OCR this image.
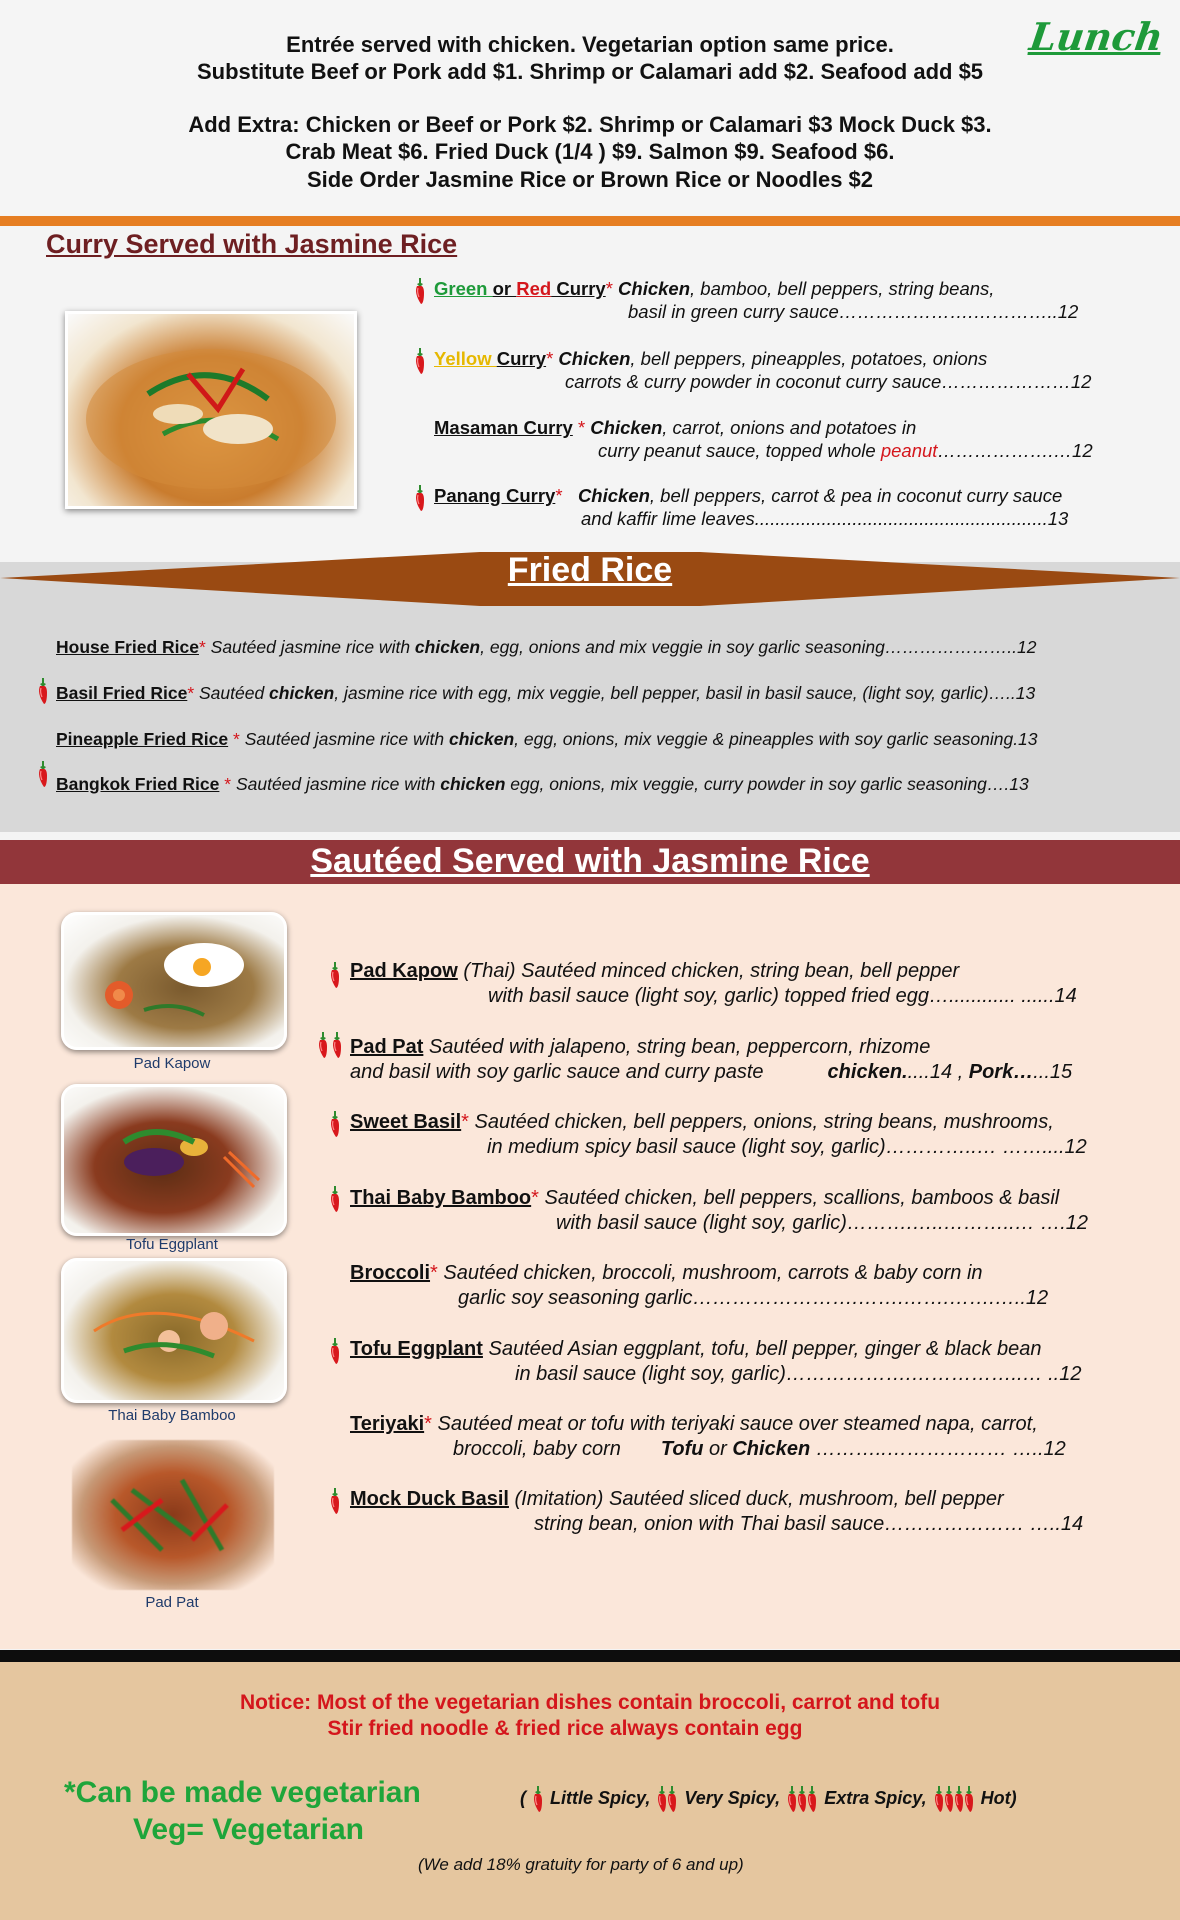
Entrée served with chicken. Vegetarian option same price.
Substitute Beef or Pork add $1. Shrimp or Calamari add $2. Seafood add $5
Add Extra: Chicken or Beef or Pork $2. Shrimp or Calamari $3 Mock Duck $3.
Crab Meat $6. Fried Duck (1/4 ) $9. Salmon $9. Seafood $6.
Side Order Jasmine Rice or Brown Rice or Noodles $2
Lunch
Curry Served with Jasmine Rice
Green or Red Curry* Chicken, bamboo, bell peppers, string beans,
basil in green curry sauce………………….…………..12
Yellow Curry* Chicken, bell peppers, pineapples, potatoes, onions
carrots & curry powder in coconut curry sauce…………………12
Masaman Curry * Chicken, carrot, onions and potatoes in
curry peanut sauce, topped whole peanut……………….…12
Panang Curry* Chicken, bell peppers, carrot & pea in coconut curry sauce
and kaffir lime leaves.........................................................13
Fried Rice
House Fried Rice* Sautéed jasmine rice with chicken, egg, onions and mix veggie in soy garlic seasoning…………………..12
Basil Fried Rice* Sautéed chicken, jasmine rice with egg, mix veggie, bell pepper, basil in basil sauce, (light soy, garlic)…..13
Pineapple Fried Rice * Sautéed jasmine rice with chicken, egg, onions, mix veggie & pineapples with soy garlic seasoning.13
Bangkok Fried Rice * Sautéed jasmine rice with chicken egg, onions, mix veggie, curry powder in soy garlic seasoning….13
Sautéed Served with Jasmine Rice
Pad Kapow
Tofu Eggplant
Thai Baby Bamboo
Pad Pat
Pad Kapow (Thai) Sautéed minced chicken, string bean, bell pepper
with basil sauce (light soy, garlic) topped fried egg…............ ......14
Pad Pat Sautéed with jalapeno, string bean, peppercorn, rhizome
and basil with soy garlic sauce and curry paste	chicken.....14 , Pork…...15
Sweet Basil* Sautéed chicken, bell peppers, onions, string beans, mushrooms,
in medium spicy basil sauce (light soy, garlic)…………..… ……....12
Thai Baby Bamboo* Sautéed chicken, bell peppers, scallions, bamboos & basil
with basil sauce (light soy, garlic)……….…..………..… ….12
Broccoli* Sautéed chicken, broccoli, mushroom, carrots & baby corn in
garlic soy seasoning garlic…………………….…….…….…….…..12
Tofu Eggplant Sautéed Asian eggplant, tofu, bell pepper, ginger & black bean
in basil sauce (light soy, garlic)……………….……………..… ..12
Teriyaki* Sautéed meat or tofu with teriyaki sauce over steamed napa, carrot,
broccoli, baby corn Tofu or Chicken ………..……………… …..12
Mock Duck Basil (Imitation) Sautéed sliced duck, mushroom, bell pepper
string bean, onion with Thai basil sauce………………… …..14
Notice: Most of the vegetarian dishes contain broccoli, carrot and tofu
Stir fried noodle & fried rice always contain egg
*Can be made vegetarian
Veg= Vegetarian
( Little Spicy, Very Spicy, Extra Spicy,	Hot)
(We add 18% gratuity for party of 6 and up)
